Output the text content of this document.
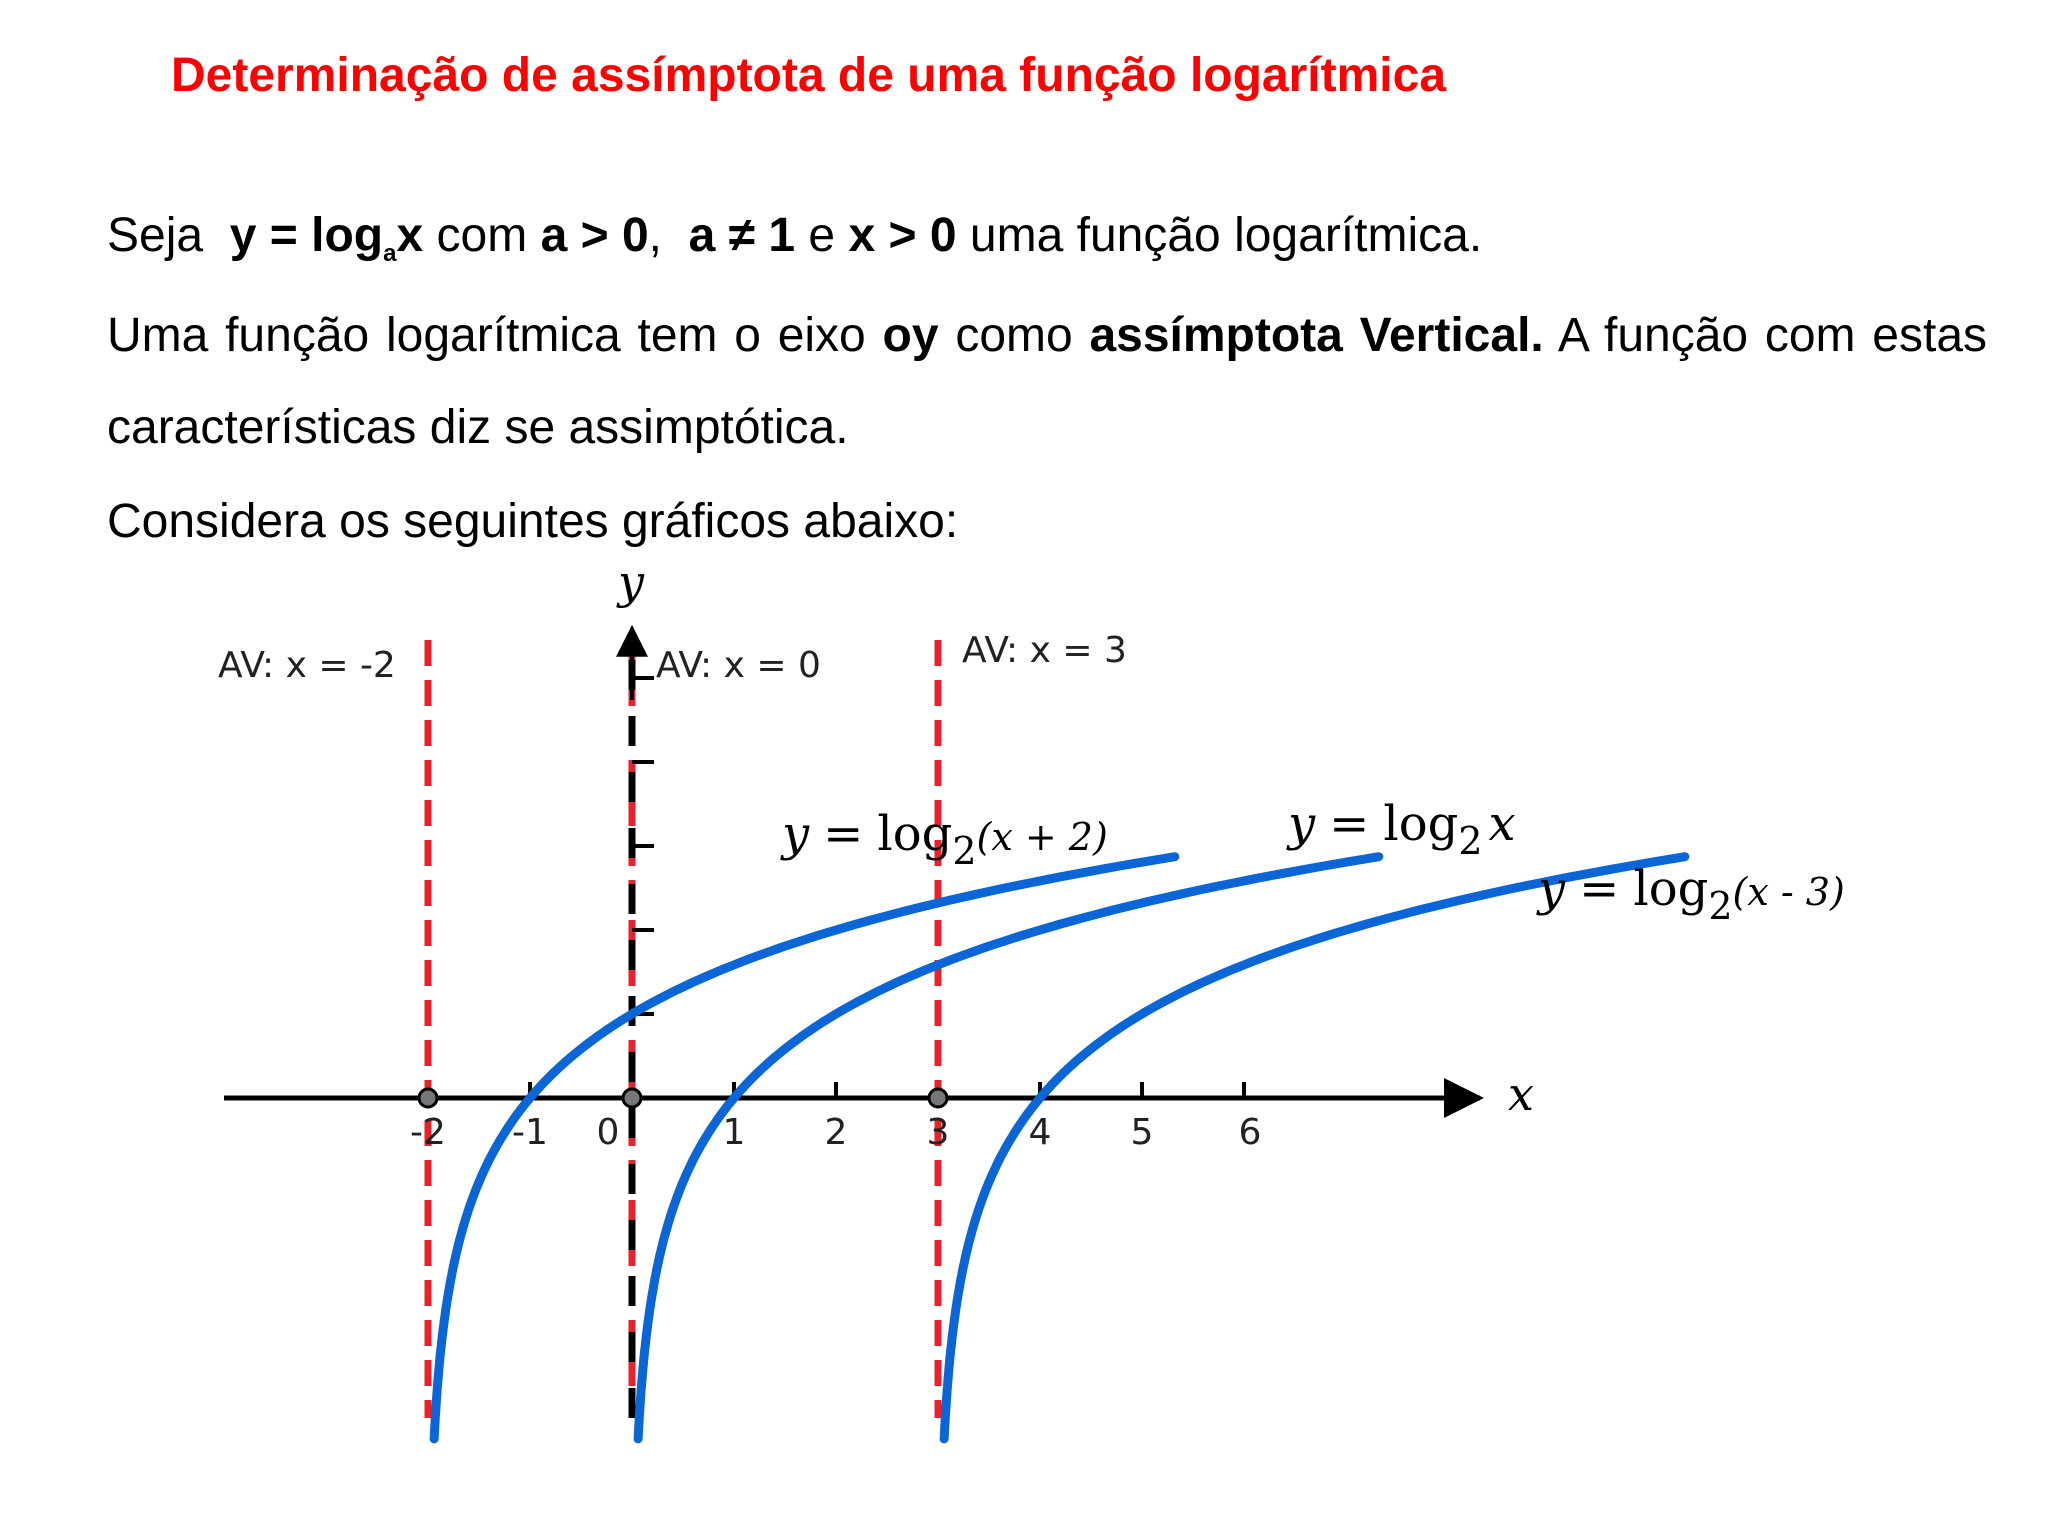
Determinação de assímptota de uma função logarítmica

Seja $y = \log_ax$ com a > 0, a ≠ 1 e x > 0 uma função logarítmica.

Uma função logarítmica tem o eixo oy como assímptota Vertical. A função com estas características diz se assimptótica.

Considera os seguintes gráficos abaixo:

-2 -1 0	1 2 3 4 5 6
y
x
AV: x = -2	AV: x = 0	AV: x = 3
$y = \log_2^{(x + 2)}$	$y = \log_2 x$
$y = \log_2^{(x - 3)}$
